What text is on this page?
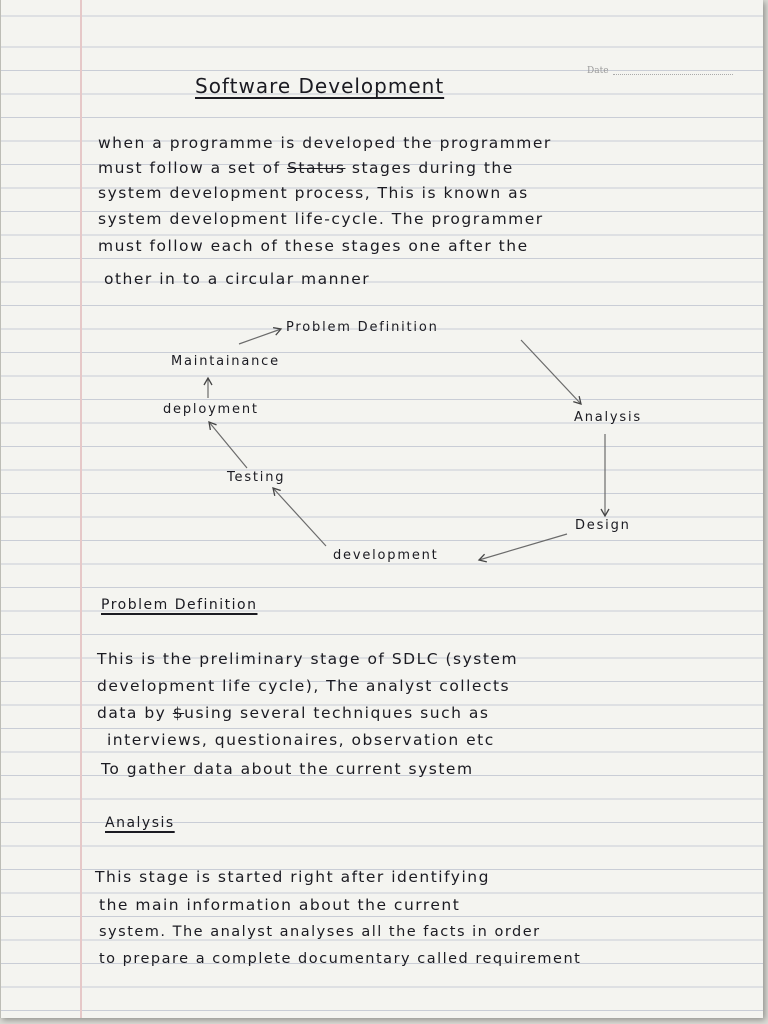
Date
Software Development
when a programme is developed the programmer
must follow a set of Status stages during the
system development process, This is known as
system development life-cycle. The programmer
must follow each of these stages one after the
other in to a circular manner
Problem Definition
Maintainance
deployment
Analysis
Testing
Design
development
Problem Definition
This is the preliminary stage of SDLC (system
development life cycle), The analyst collects
data by $using several techniques such as
interviews, questionaires, observation etc
To gather data about the current system
Analysis
This stage is started right after identifying
the main information about the current
system. The analyst analyses all the facts in order
to prepare a complete documentary called requirement
